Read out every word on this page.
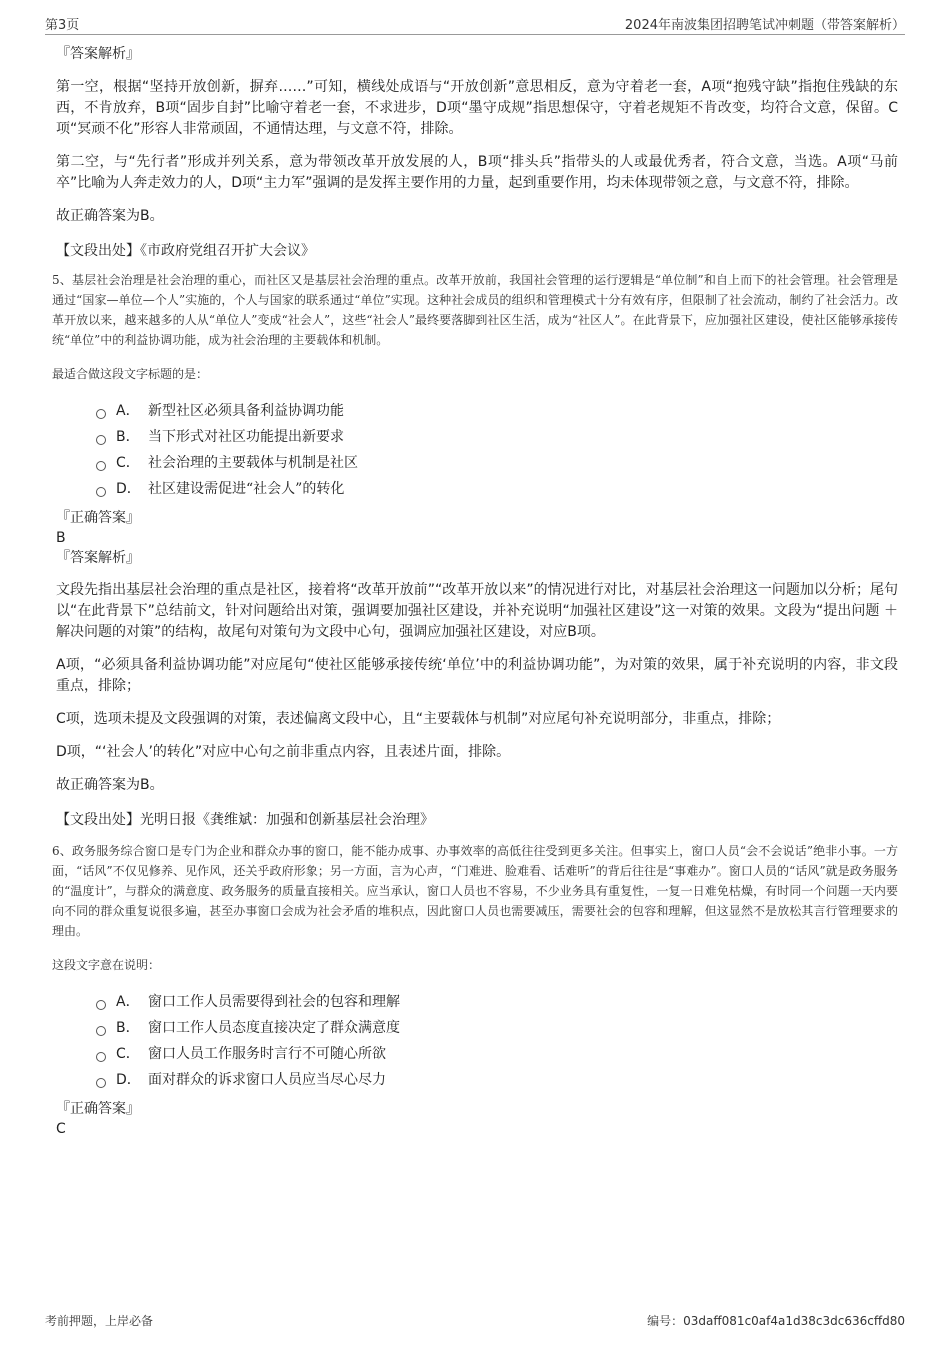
第3页	2024年南波集团招聘笔试冲刺题（带答案解析）

『答案解析』

第一空，根据“坚持开放创新，摒弃……”可知，横线处成语与“开放创新”意思相反，意为守着老一套，A项“抱残守缺”指抱住残缺的东西，不肯放弃，B项“固步自封”比喻守着老一套，不求进步，D项“墨守成规”指思想保守，守着老规矩不肯改变，均符合文意，保留。C项“冥顽不化”形容人非常顽固，不通情达理，与文意不符，排除。

第二空，与“先行者”形成并列关系，意为带领改革开放发展的人，B项“排头兵”指带头的人或最优秀者，符合文意，当选。A项“马前卒”比喻为人奔走效力的人，D项“主力军”强调的是发挥主要作用的力量，起到重要作用，均未体现带领之意，与文意不符，排除。

故正确答案为B。

【文段出处】《市政府党组召开扩大会议》

5、基层社会治理是社会治理的重心，而社区又是基层社会治理的重点。改革开放前，我国社会管理的运行逻辑是“单位制”和自上而下的社会管理。社会管理是通过“国家—单位—个人”实施的，个人与国家的联系通过“单位”实现。这种社会成员的组织和管理模式十分有效有序，但限制了社会流动，制约了社会活力。改革开放以来，越来越多的人从“单位人”变成“社会人”，这些“社会人”最终要落脚到社区生活，成为“社区人”。在此背景下，应加强社区建设，使社区能够承接传统“单位”中的利益协调功能，成为社会治理的主要载体和机制。

最适合做这段文字标题的是：

A． 新型社区必须具备利益协调功能
B． 当下形式对社区功能提出新要求
C． 社会治理的主要载体与机制是社区
D． 社区建设需促进“社会人”的转化

『正确答案』

B

『答案解析』

文段先指出基层社会治理的重点是社区，接着将“改革开放前”“改革开放以来”的情况进行对比，对基层社会治理这一问题加以分析；尾句以“在此背景下”总结前文，针对问题给出对策，强调要加强社区建设，并补充说明“加强社区建设”这一对策的效果。文段为“提出问题 ＋ 解决问题的对策”的结构，故尾句对策句为文段中心句，强调应加强社区建设，对应B项。

A项，“必须具备利益协调功能”对应尾句“使社区能够承接传统‘单位’中的利益协调功能”，为对策的效果，属于补充说明的内容，非文段重点，排除；

C项，选项未提及文段强调的对策，表述偏离文段中心，且“主要载体与机制”对应尾句补充说明部分，非重点，排除；

D项，“‘社会人’的转化”对应中心句之前非重点内容，且表述片面，排除。

故正确答案为B。

【文段出处】光明日报《龚维斌：加强和创新基层社会治理》

6、政务服务综合窗口是专门为企业和群众办事的窗口，能不能办成事、办事效率的高低往往受到更多关注。但事实上，窗口人员“会不会说话”绝非小事。一方面，“话风”不仅见修养、见作风，还关乎政府形象；另一方面，言为心声，“门难进、脸难看、话难听”的背后往往是“事难办”。窗口人员的“话风”就是政务服务的“温度计”，与群众的满意度、政务服务的质量直接相关。应当承认，窗口人员也不容易，不少业务具有重复性，一复一日难免枯燥，有时同一个问题一天内要向不同的群众重复说很多遍，甚至办事窗口会成为社会矛盾的堆积点，因此窗口人员也需要减压，需要社会的包容和理解，但这显然不是放松其言行管理要求的理由。

这段文字意在说明：

A． 窗口工作人员需要得到社会的包容和理解
B． 窗口工作人员态度直接决定了群众满意度
C． 窗口人员工作服务时言行不可随心所欲
D． 面对群众的诉求窗口人员应当尽心尽力

『正确答案』

C

考前押题，上岸必备	编号：03daff081c0af4a1d38c3dc636cffd80
